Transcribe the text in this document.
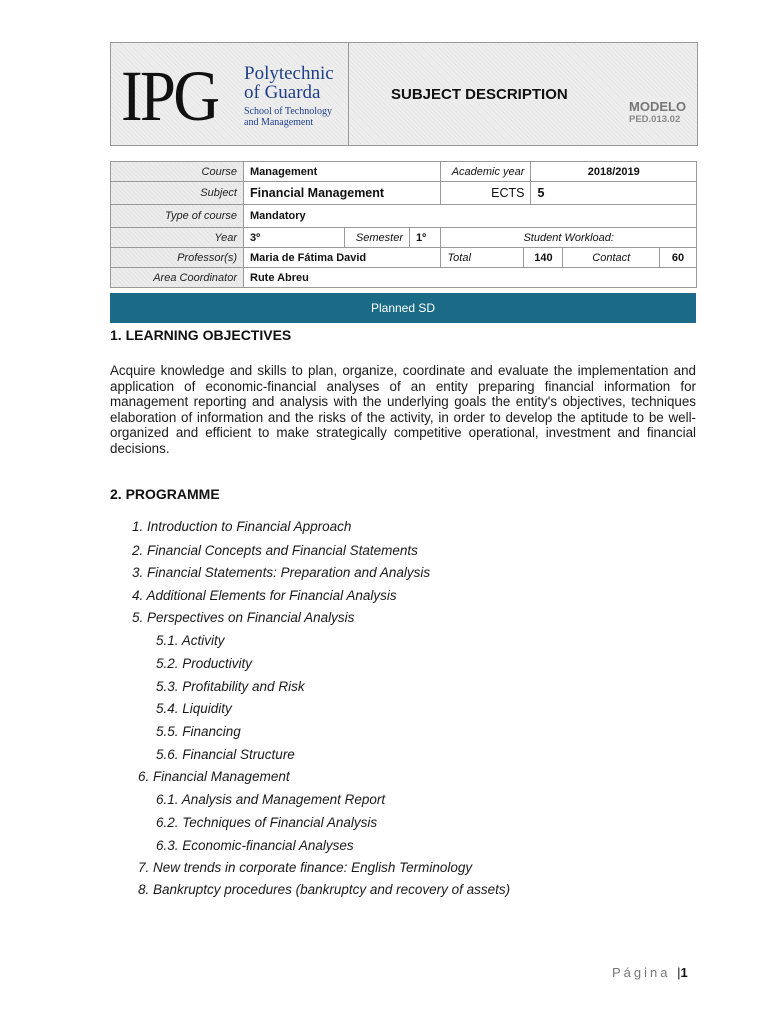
IPG Polytechnic
of Guarda
School of Technology
and Management
SUBJECT DESCRIPTION
MODELO
PED.013.02
Course	Management	Academic year	2018/2019
Subject	Financial Management	ECTS	5
Type of course	Mandatory
Year	3º	Semester	1º	Student Workload:
Professor(s)	Maria de Fátima David	Total		140	Contact	60

Area Coordinator	Rute Abreu
Planned SD
1. LEARNING OBJECTIVES
Acquire knowledge and skills to plan, organize, coordinate and evaluate the implementation and application of economic-financial analyses of an entity preparing financial information for management reporting and analysis with the underlying goals the entity's objectives, techniques elaboration of information and the risks of the activity, in order to develop the aptitude to be well-organized and efficient to make strategically competitive operational, investment and financial decisions.
2. PROGRAMME
1. Introduction to Financial Approach
2. Financial Concepts and Financial Statements
3. Financial Statements: Preparation and Analysis
4. Additional Elements for Financial Analysis
5. Perspectives on Financial Analysis
5.1. Activity
5.2. Productivity
5.3. Profitability and Risk
5.4. Liquidity
5.5. Financing
5.6. Financial Structure
6. Financial Management
6.1. Analysis and Management Report
6.2. Techniques of Financial Analysis
6.3. Economic-financial Analyses
7. New trends in corporate finance: English Terminology
8. Bankruptcy procedures (bankruptcy and recovery of assets)
Página |1
